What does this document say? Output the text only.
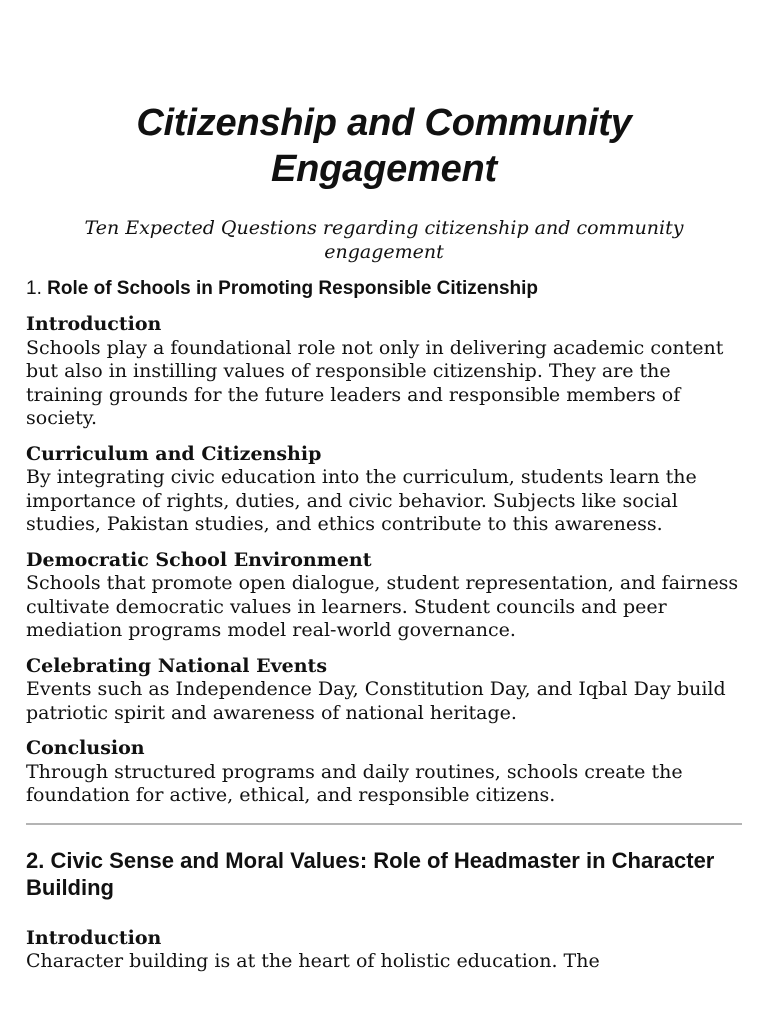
Citizenship and Community Engagement
Ten Expected Questions regarding citizenship and community engagement
1. Role of Schools in Promoting Responsible Citizenship
Introduction
Schools play a foundational role not only in delivering academic content but also in instilling values of responsible citizenship. They are the training grounds for the future leaders and responsible members of society.
Curriculum and Citizenship
By integrating civic education into the curriculum, students learn the importance of rights, duties, and civic behavior. Subjects like social studies, Pakistan studies, and ethics contribute to this awareness.
Democratic School Environment
Schools that promote open dialogue, student representation, and fairness cultivate democratic values in learners. Student councils and peer mediation programs model real-world governance.
Celebrating National Events
Events such as Independence Day, Constitution Day, and Iqbal Day build patriotic spirit and awareness of national heritage.
Conclusion
Through structured programs and daily routines, schools create the foundation for active, ethical, and responsible citizens.
2. Civic Sense and Moral Values: Role of Headmaster in Character Building
Introduction
Character building is at the heart of holistic education. The
